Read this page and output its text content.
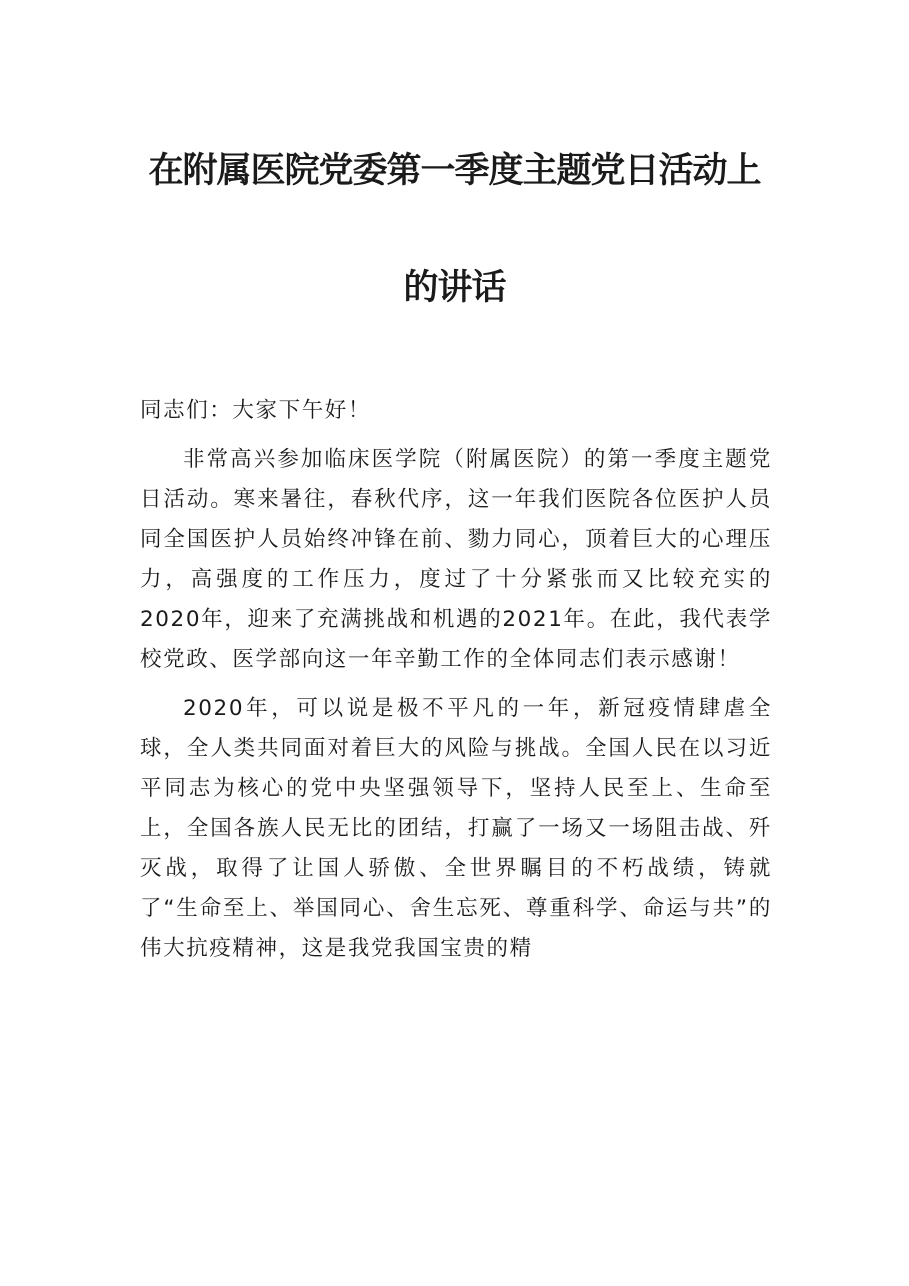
在附属医院党委第一季度主题党日活动上
的讲话

同志们：大家下午好！

非常高兴参加临床医学院（附属医院）的第一季度主题党日活动。寒来暑往，春秋代序，这一年我们医院各位医护人员同全国医护人员始终冲锋在前、勠力同心，顶着巨大的心理压力，高强度的工作压力，度过了十分紧张而又比较充实的2020年，迎来了充满挑战和机遇的2021年。在此，我代表学校党政、医学部向这一年辛勤工作的全体同志们表示感谢！

2020年，可以说是极不平凡的一年，新冠疫情肆虐全球，全人类共同面对着巨大的风险与挑战。全国人民在以习近平同志为核心的党中央坚强领导下，坚持人民至上、生命至上，全国各族人民无比的团结，打赢了一场又一场阻击战、歼灭战，取得了让国人骄傲、全世界瞩目的不朽战绩，铸就了“生命至上、举国同心、舍生忘死、尊重科学、命运与共”的伟大抗疫精神，这是我党我国宝贵的精
